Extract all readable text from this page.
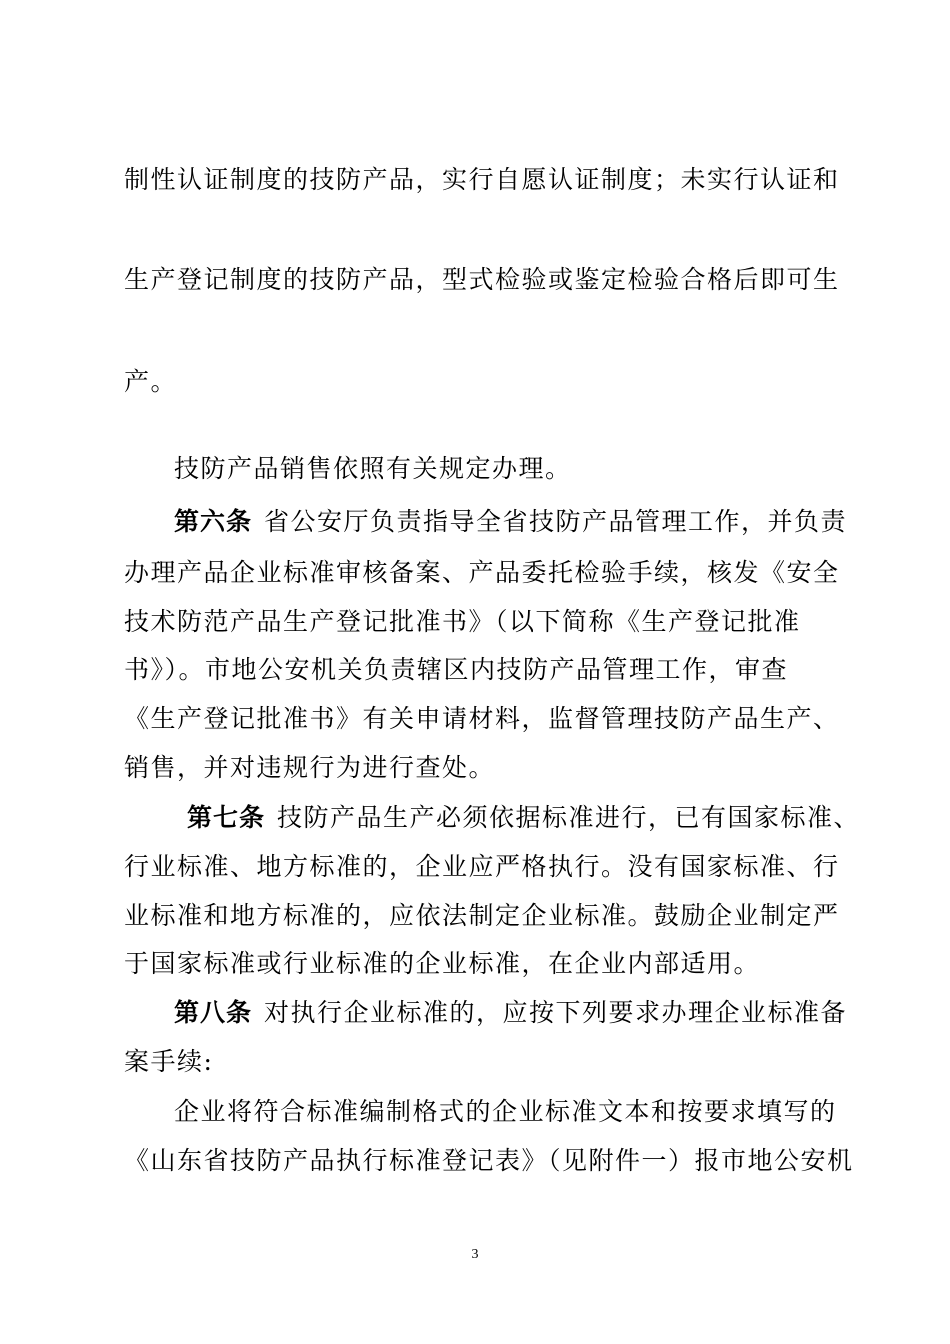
制性认证制度的技防产品，实行自愿认证制度；未实行认证和
生产登记制度的技防产品，型式检验或鉴定检验合格后即可生
产。
技防产品销售依照有关规定办理。
第六条 省公安厅负责指导全省技防产品管理工作，并负责
办理产品企业标准审核备案、产品委托检验手续，核发《安全
技术防范产品生产登记批准书》（以下简称《生产登记批准
书》）。市地公安机关负责辖区内技防产品管理工作，审查
《生产登记批准书》有关申请材料，监督管理技防产品生产、
销售，并对违规行为进行查处。
第七条 技防产品生产必须依据标准进行，已有国家标准、
行业标准、地方标准的，企业应严格执行。没有国家标准、行
业标准和地方标准的，应依法制定企业标准。鼓励企业制定严
于国家标准或行业标准的企业标准，在企业内部适用。
第八条 对执行企业标准的，应按下列要求办理企业标准备
案手续:
企业将符合标准编制格式的企业标准文本和按要求填写的
《山东省技防产品执行标准登记表》（见附件一）报市地公安机
3
